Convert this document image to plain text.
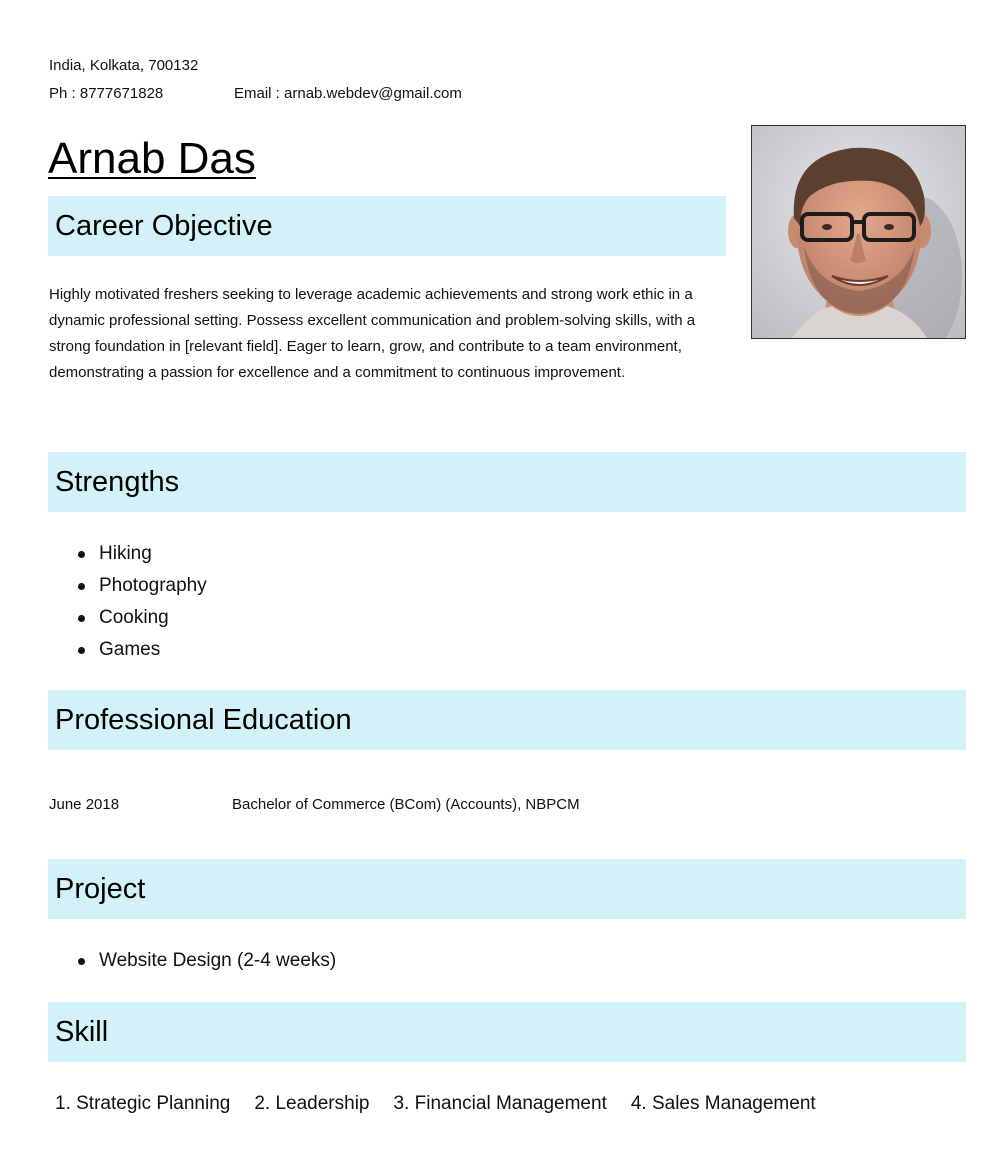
India, Kolkata, 700132
Ph : 8777671828	Email : arnab.webdev@gmail.com
Arnab Das
Career Objective
Highly motivated freshers seeking to leverage academic achievements and strong work ethic in a dynamic professional setting. Possess excellent communication and problem-solving skills, with a strong foundation in [relevant field]. Eager to learn, grow, and contribute to a team environment, demonstrating a passion for excellence and a commitment to continuous improvement.
Strengths
Hiking
Photography
Cooking
Games
Professional Education
June 2018	Bachelor of Commerce (BCom) (Accounts), NBPCM
Project
Website Design (2-4 weeks)
Skill
1. Strategic Planning 2. Leadership 3. Financial Management 4. Sales Management
